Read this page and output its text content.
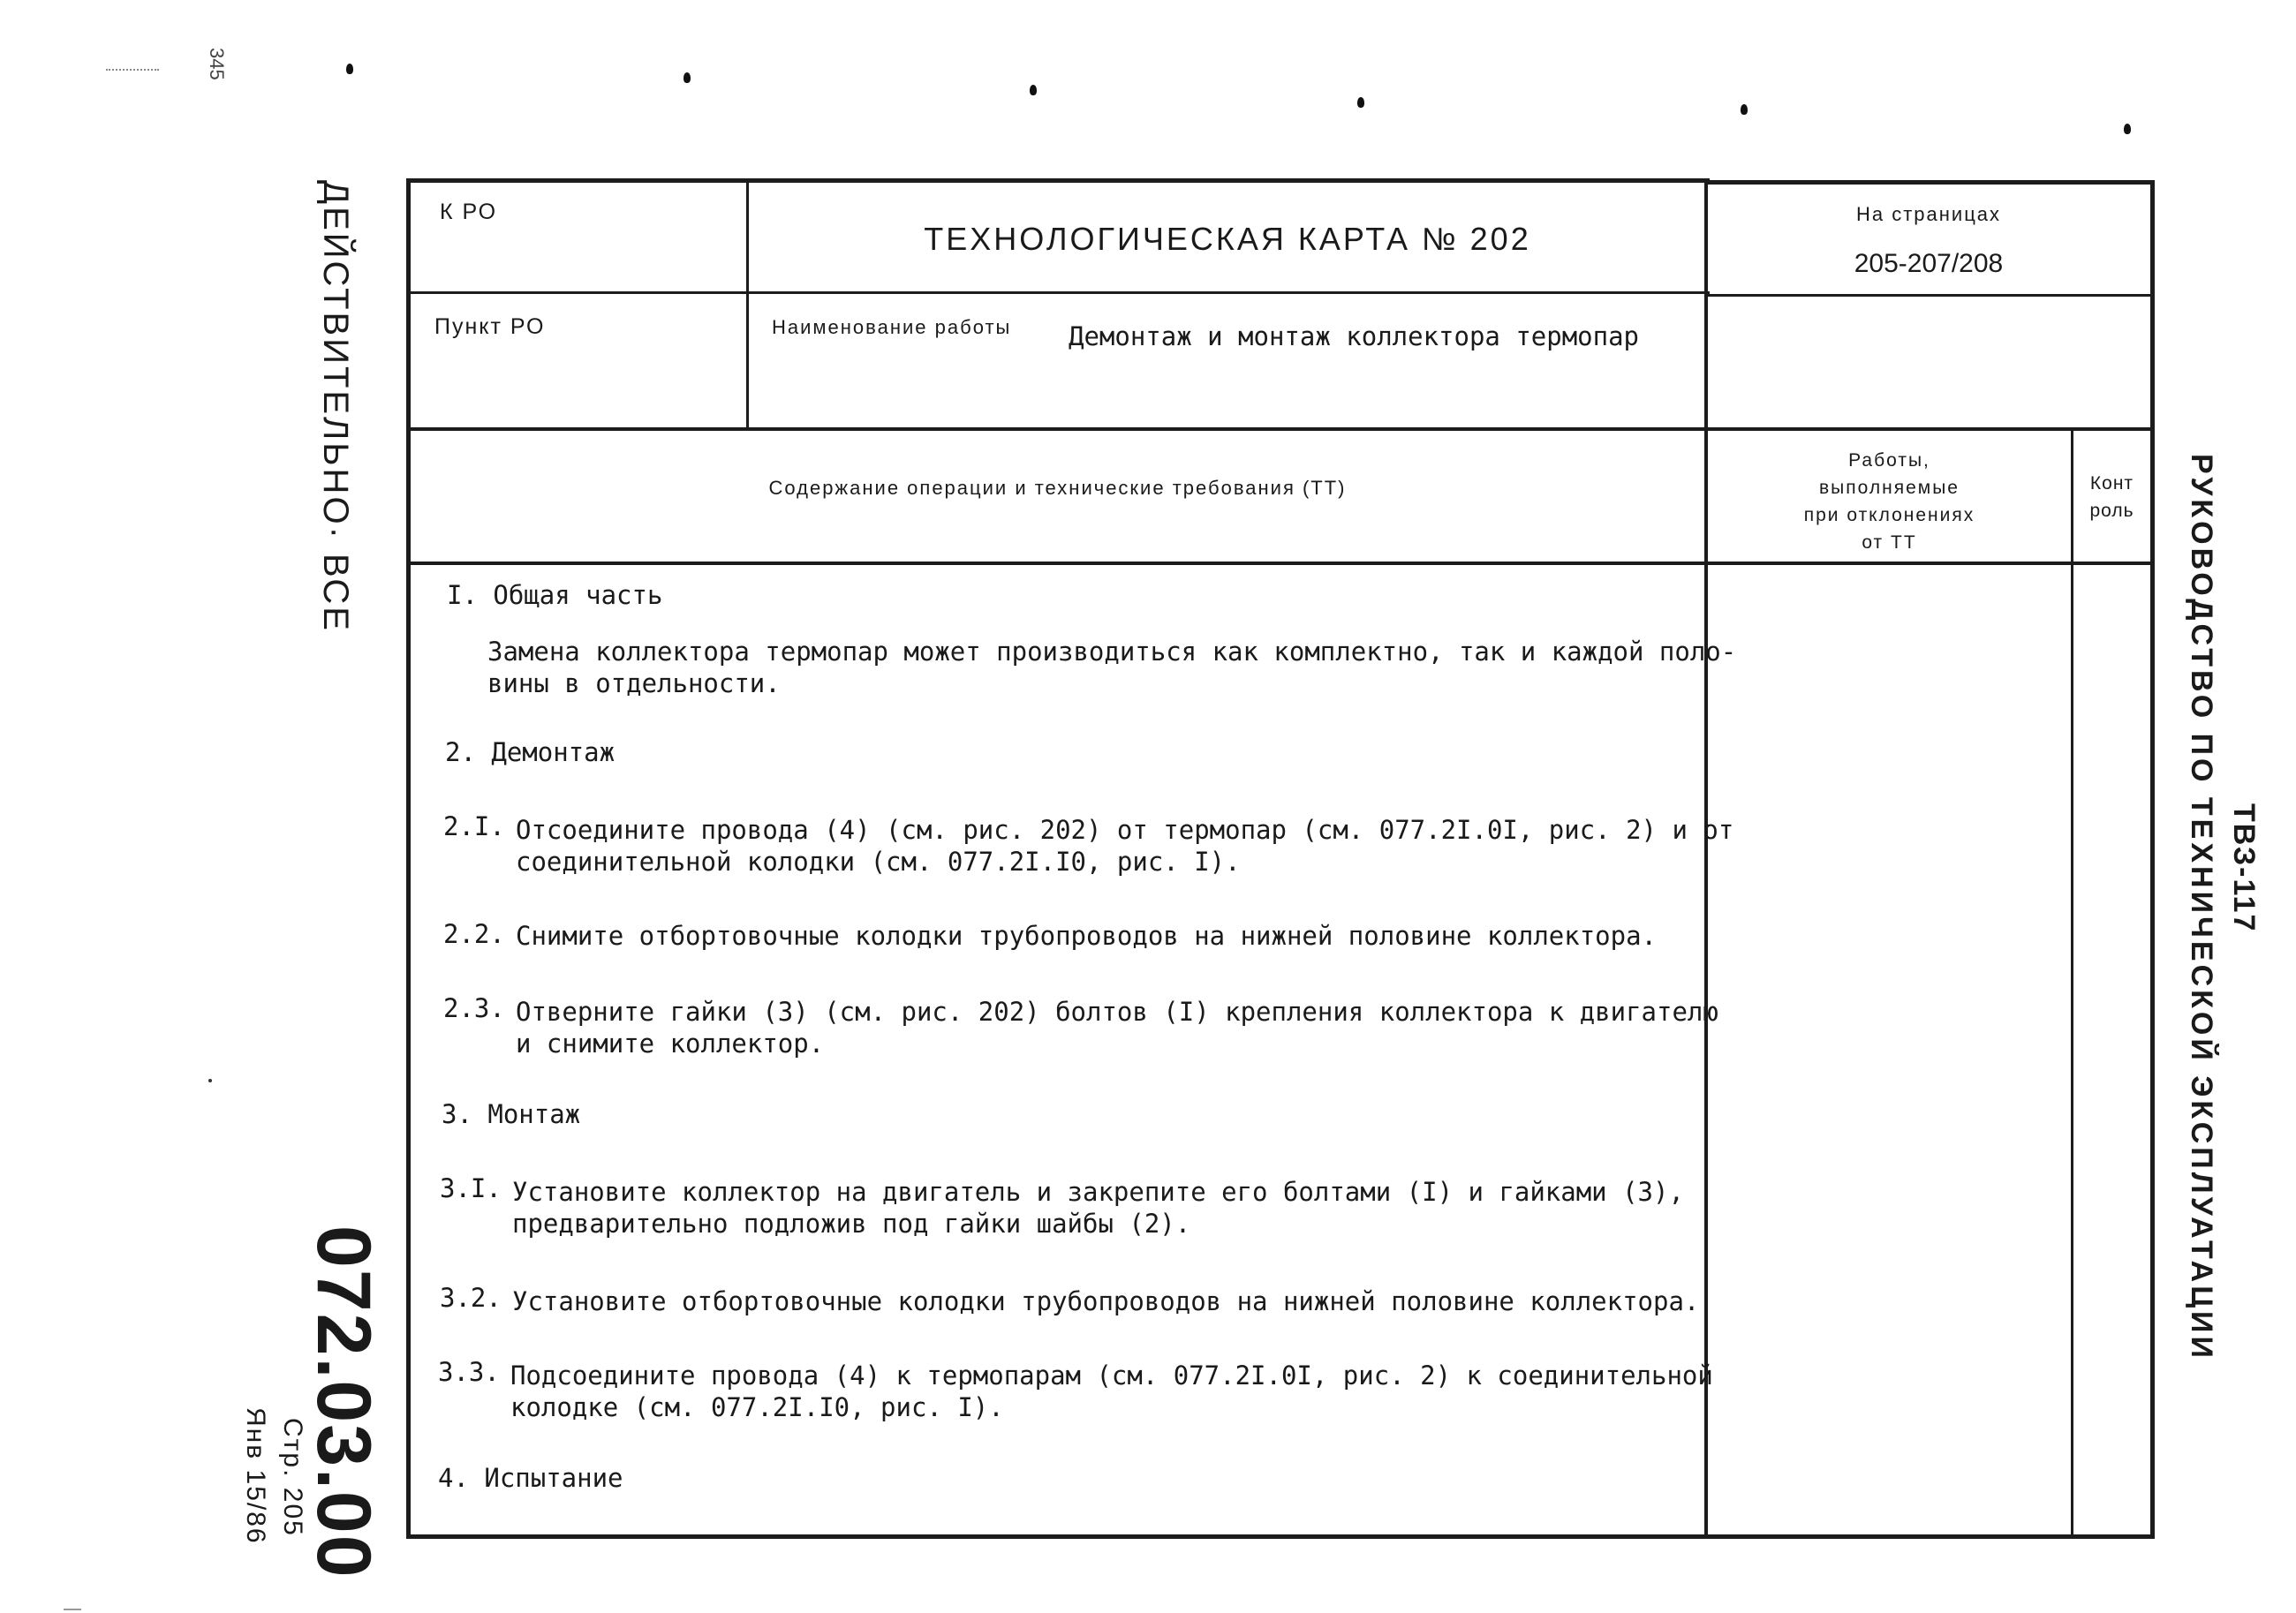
345
К РО
ТЕХНОЛОГИЧЕСКАЯ КАРТА № 202
На страницах
205-207/208
Пункт РО	Наименование работы Демонтаж и монтаж коллектора термопар
Содержание операции и технические требования (ТТ)
Работы,
выполняемые
при отклонениях
от ТТ
Конт
роль
I. Общая часть
Замена коллектора термопар может производиться как комплектно, так и каждой поло-
вины в отдельности.
2. Демонтаж
2.I. Отсоедините провода (4) (см. рис. 202) от термопар (см. 077.2I.0I, рис. 2) и от
соединительной колодки (см. 077.2I.I0, рис. I).
2.2. Снимите отбортовочные колодки трубопроводов на нижней половине коллектора.
2.3. Отверните гайки (3) (см. рис. 202) болтов (I) крепления коллектора к двигателю
и снимите коллектор.
3. Монтаж
3.I. Установите коллектор на двигатель и закрепите его болтами (I) и гайками (3),
предварительно подложив под гайки шайбы (2).
3.2. Установите отбортовочные колодки трубопроводов на нижней половине коллектора.
3.3. Подсоедините провода (4) к термопарам (см. 077.2I.0I, рис. 2) к соединительной
колодке (см. 077.2I.I0, рис. I).
4. Испытание
ДЕЙСТВИТЕЛЬНО· ВСЕ
072.03.00
Стр. 205
Янв 15/86
ТВЗ-117
РУКОВОДСТВО ПО ТЕХНИЧЕСКОЙ ЭКСПЛУАТАЦИИ
